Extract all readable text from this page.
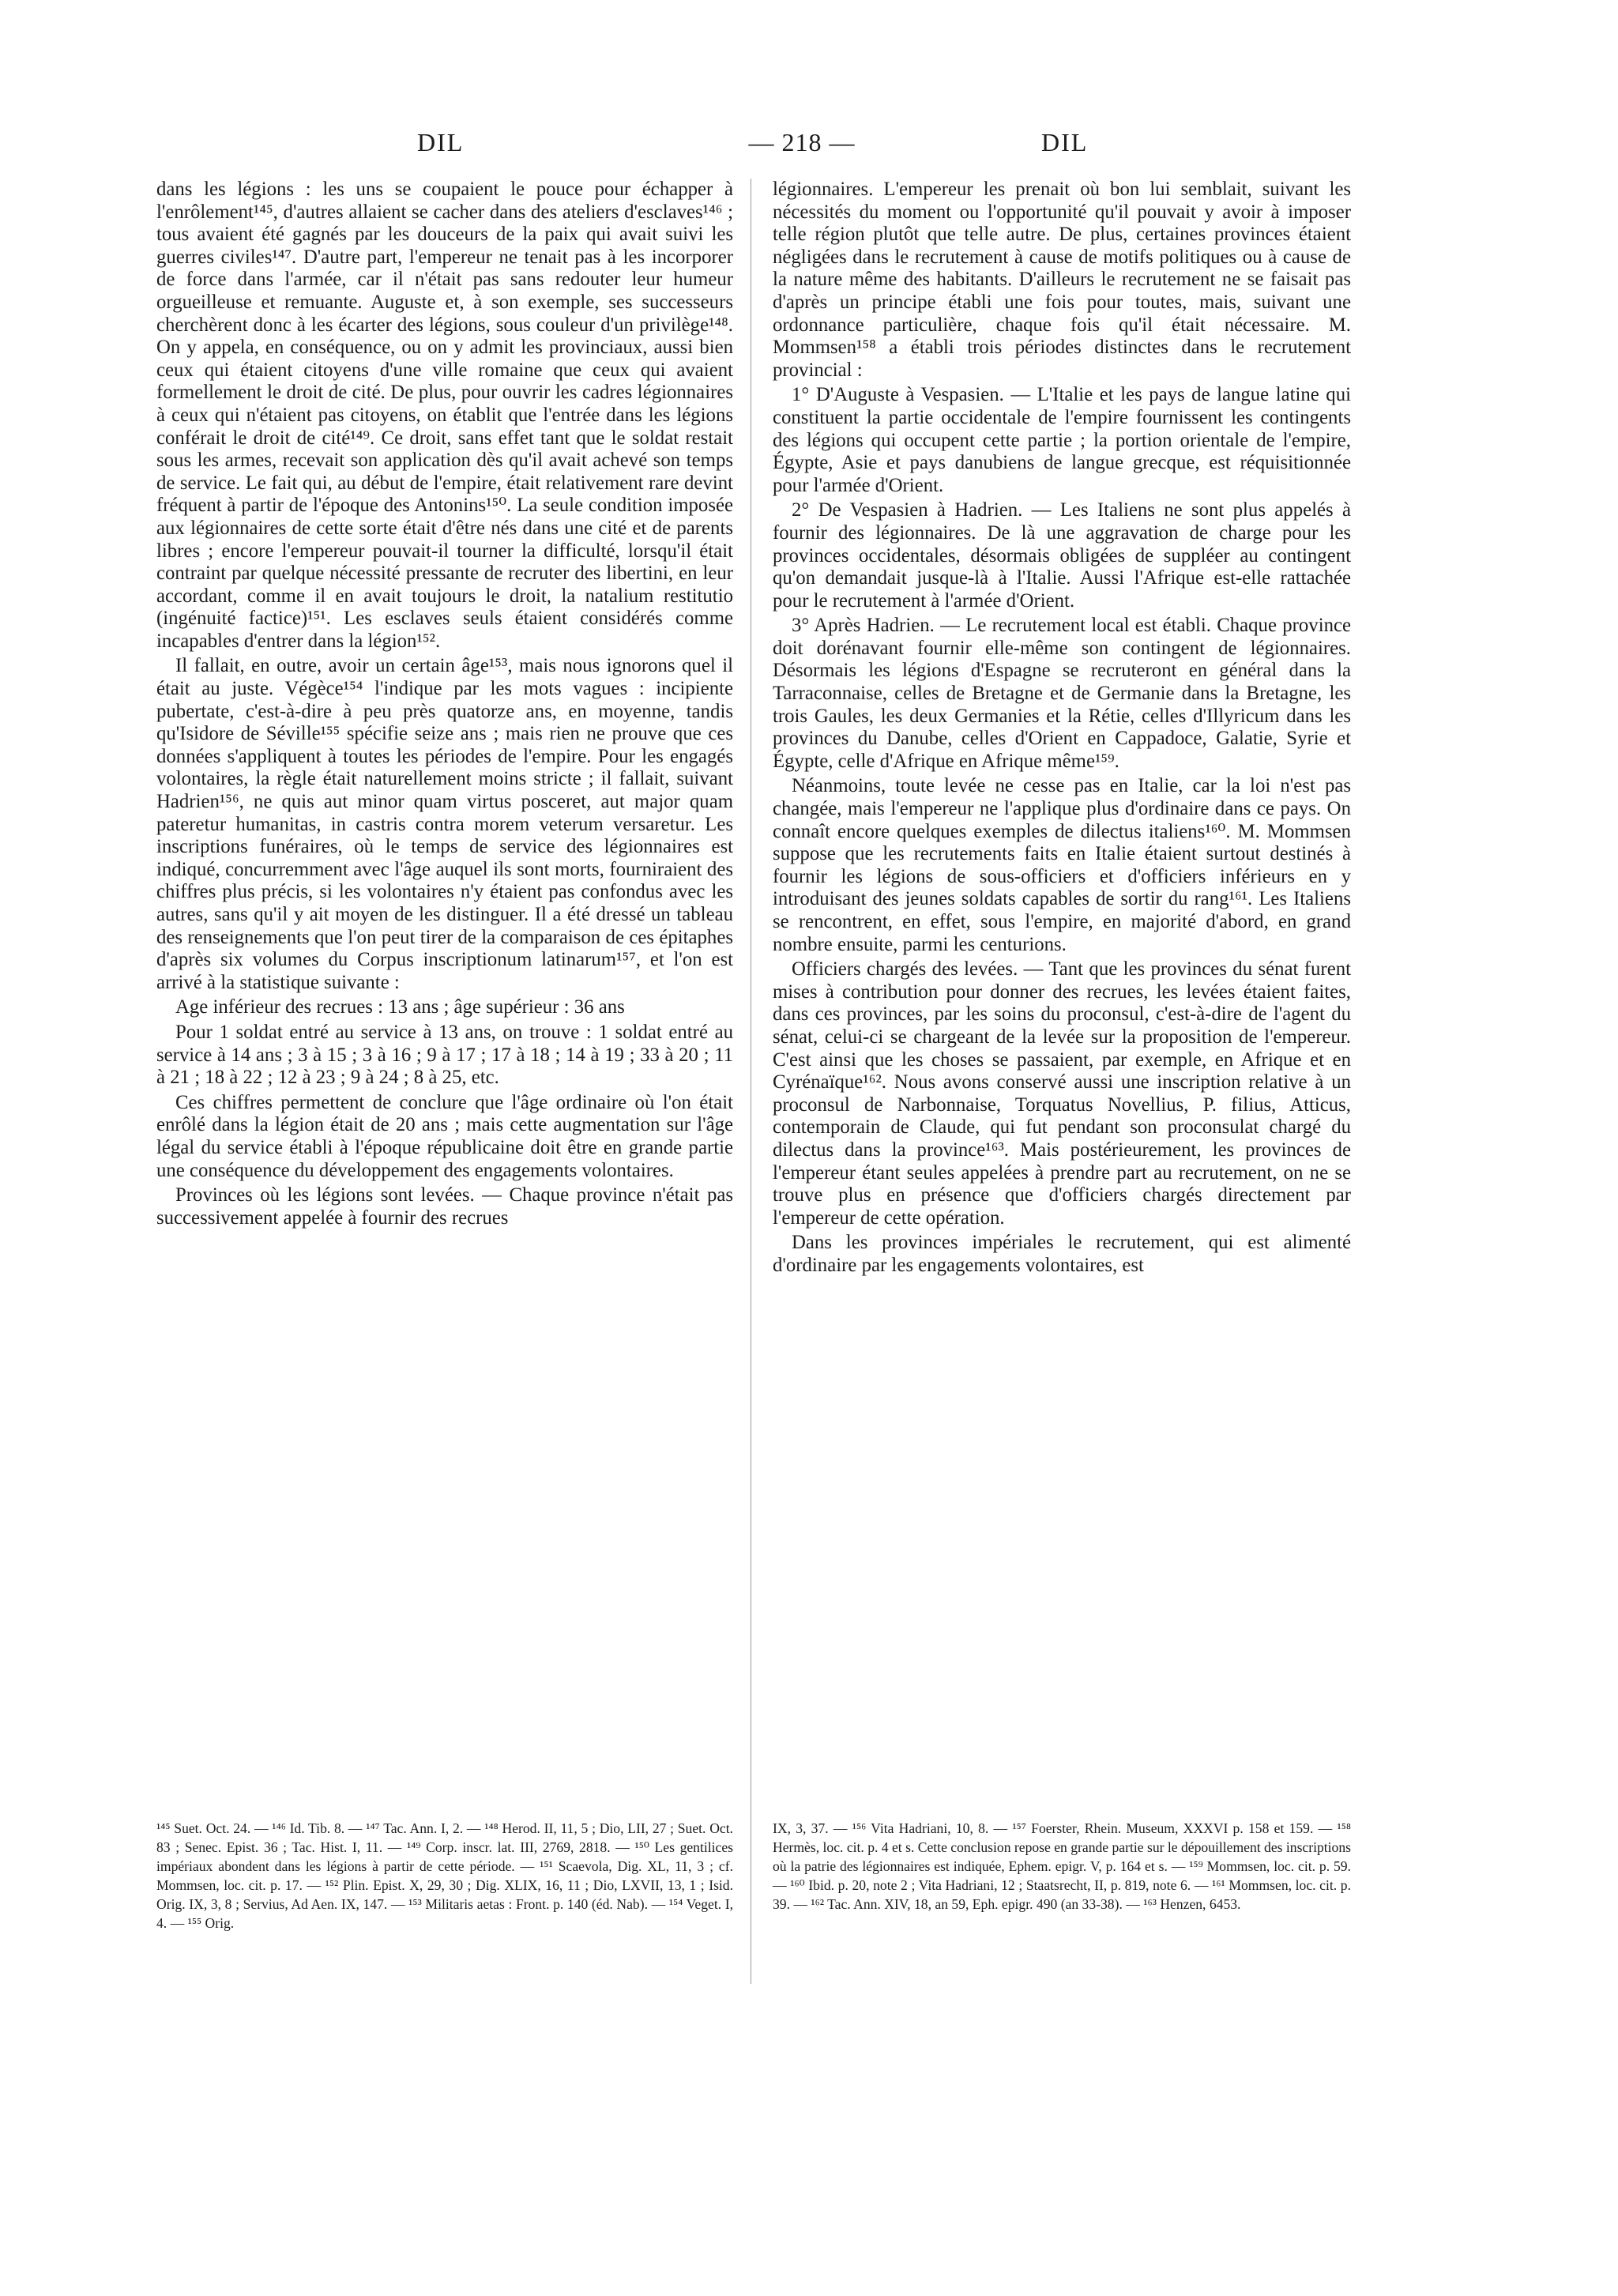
DIL	— 218 —	DIL

dans les légions : les uns se coupaient le pouce pour échapper à l'enrôlement¹⁴⁵, d'autres allaient se cacher dans des ateliers d'esclaves¹⁴⁶ ; tous avaient été gagnés par les douceurs de la paix qui avait suivi les guerres civiles¹⁴⁷. D'autre part, l'empereur ne tenait pas à les incorporer de force dans l'armée, car il n'était pas sans redouter leur humeur orgueilleuse et remuante. Auguste et, à son exemple, ses successeurs cherchèrent donc à les écarter des légions, sous couleur d'un privilège¹⁴⁸. On y appela, en conséquence, ou on y admit les provinciaux, aussi bien ceux qui étaient citoyens d'une ville romaine que ceux qui avaient formellement le droit de cité. De plus, pour ouvrir les cadres légionnaires à ceux qui n'étaient pas citoyens, on établit que l'entrée dans les légions conférait le droit de cité¹⁴⁹. Ce droit, sans effet tant que le soldat restait sous les armes, recevait son application dès qu'il avait achevé son temps de service. Le fait qui, au début de l'empire, était relativement rare devint fréquent à partir de l'époque des Antonins¹⁵⁰. La seule condition imposée aux légionnaires de cette sorte était d'être nés dans une cité et de parents libres ; encore l'empereur pouvait-il tourner la difficulté, lorsqu'il était contraint par quelque nécessité pressante de recruter des libertini, en leur accordant, comme il en avait toujours le droit, la natalium restitutio (ingénuité factice)¹⁵¹. Les esclaves seuls étaient considérés comme incapables d'entrer dans la légion¹⁵².

Il fallait, en outre, avoir un certain âge¹⁵³, mais nous ignorons quel il était au juste. Végèce¹⁵⁴ l'indique par les mots vagues : incipiente pubertate, c'est-à-dire à peu près quatorze ans, en moyenne, tandis qu'Isidore de Séville¹⁵⁵ spécifie seize ans ; mais rien ne prouve que ces données s'appliquent à toutes les périodes de l'empire. Pour les engagés volontaires, la règle était naturellement moins stricte ; il fallait, suivant Hadrien¹⁵⁶, ne quis aut minor quam virtus posceret, aut major quam pateretur humanitas, in castris contra morem veterum versaretur. Les inscriptions funéraires, où le temps de service des légionnaires est indiqué, concurremment avec l'âge auquel ils sont morts, fourniraient des chiffres plus précis, si les volontaires n'y étaient pas confondus avec les autres, sans qu'il y ait moyen de les distinguer. Il a été dressé un tableau des renseignements que l'on peut tirer de la comparaison de ces épitaphes d'après six volumes du Corpus inscriptionum latinarum¹⁵⁷, et l'on est arrivé à la statistique suivante :

Age inférieur des recrues : 13 ans ; âge supérieur : 36 ans

Pour 1 soldat entré au service à 13 ans, on trouve : 1 soldat entré au service à 14 ans ; 3 à 15 ; 3 à 16 ; 9 à 17 ; 17 à 18 ; 14 à 19 ; 33 à 20 ; 11 à 21 ; 18 à 22 ; 12 à 23 ; 9 à 24 ; 8 à 25, etc.

Ces chiffres permettent de conclure que l'âge ordinaire où l'on était enrôlé dans la légion était de 20 ans ; mais cette augmentation sur l'âge légal du service établi à l'époque républicaine doit être en grande partie une conséquence du développement des engagements volontaires.

Provinces où les légions sont levées. — Chaque province n'était pas successivement appelée à fournir des recrues

légionnaires. L'empereur les prenait où bon lui semblait, suivant les nécessités du moment ou l'opportunité qu'il pouvait y avoir à imposer telle région plutôt que telle autre. De plus, certaines provinces étaient négligées dans le recrutement à cause de motifs politiques ou à cause de la nature même des habitants. D'ailleurs le recrutement ne se faisait pas d'après un principe établi une fois pour toutes, mais, suivant une ordonnance particulière, chaque fois qu'il était nécessaire. M. Mommsen¹⁵⁸ a établi trois périodes distinctes dans le recrutement provincial :

1° D'Auguste à Vespasien. — L'Italie et les pays de langue latine qui constituent la partie occidentale de l'empire fournissent les contingents des légions qui occupent cette partie ; la portion orientale de l'empire, Égypte, Asie et pays danubiens de langue grecque, est réquisitionnée pour l'armée d'Orient.

2° De Vespasien à Hadrien. — Les Italiens ne sont plus appelés à fournir des légionnaires. De là une aggravation de charge pour les provinces occidentales, désormais obligées de suppléer au contingent qu'on demandait jusque-là à l'Italie. Aussi l'Afrique est-elle rattachée pour le recrutement à l'armée d'Orient.

3° Après Hadrien. — Le recrutement local est établi. Chaque province doit dorénavant fournir elle-même son contingent de légionnaires. Désormais les légions d'Espagne se recruteront en général dans la Tarraconnaise, celles de Bretagne et de Germanie dans la Bretagne, les trois Gaules, les deux Germanies et la Rétie, celles d'Illyricum dans les provinces du Danube, celles d'Orient en Cappadoce, Galatie, Syrie et Égypte, celle d'Afrique en Afrique même¹⁵⁹.

Néanmoins, toute levée ne cesse pas en Italie, car la loi n'est pas changée, mais l'empereur ne l'applique plus d'ordinaire dans ce pays. On connaît encore quelques exemples de dilectus italiens¹⁶⁰. M. Mommsen suppose que les recrutements faits en Italie étaient surtout destinés à fournir les légions de sous-officiers et d'officiers inférieurs en y introduisant des jeunes soldats capables de sortir du rang¹⁶¹. Les Italiens se rencontrent, en effet, sous l'empire, en majorité d'abord, en grand nombre ensuite, parmi les centurions.

Officiers chargés des levées. — Tant que les provinces du sénat furent mises à contribution pour donner des recrues, les levées étaient faites, dans ces provinces, par les soins du proconsul, c'est-à-dire de l'agent du sénat, celui-ci se chargeant de la levée sur la proposition de l'empereur. C'est ainsi que les choses se passaient, par exemple, en Afrique et en Cyrénaïque¹⁶². Nous avons conservé aussi une inscription relative à un proconsul de Narbonnaise, Torquatus Novellius, P. filius, Atticus, contemporain de Claude, qui fut pendant son proconsulat chargé du dilectus dans la province¹⁶³. Mais postérieurement, les provinces de l'empereur étant seules appelées à prendre part au recrutement, on ne se trouve plus en présence que d'officiers chargés directement par l'empereur de cette opération.

Dans les provinces impériales le recrutement, qui est alimenté d'ordinaire par les engagements volontaires, est

¹⁴⁵ Suet. Oct. 24. — ¹⁴⁶ Id. Tib. 8. — ¹⁴⁷ Tac. Ann. I, 2. — ¹⁴⁸ Herod. II, 11, 5 ; Dio, LII, 27 ; Suet. Oct. 83 ; Senec. Epist. 36 ; Tac. Hist. I, 11. — ¹⁴⁹ Corp. inscr. lat. III, 2769, 2818. — ¹⁵⁰ Les gentilices impériaux abondent dans les légions à partir de cette période. — ¹⁵¹ Scaevola, Dig. XL, 11, 3 ; cf. Mommsen, loc. cit. p. 17. — ¹⁵² Plin. Epist. X, 29, 30 ; Dig. XLIX, 16, 11 ; Dio, LXVII, 13, 1 ; Isid. Orig. IX, 3, 8 ; Servius, Ad Aen. IX, 147. — ¹⁵³ Militaris aetas : Front. p. 140 (éd. Nab). — ¹⁵⁴ Veget. I, 4. — ¹⁵⁵ Orig.
IX, 3, 37. — ¹⁵⁶ Vita Hadriani, 10, 8. — ¹⁵⁷ Foerster, Rhein. Museum, XXXVI p. 158 et 159. — ¹⁵⁸ Hermès, loc. cit. p. 4 et s. Cette conclusion repose en grande partie sur le dépouillement des inscriptions où la patrie des légionnaires est indiquée, Ephem. epigr. V, p. 164 et s. — ¹⁵⁹ Mommsen, loc. cit. p. 59. — ¹⁶⁰ Ibid. p. 20, note 2 ; Vita Hadriani, 12 ; Staatsrecht, II, p. 819, note 6. — ¹⁶¹ Mommsen, loc. cit. p. 39. — ¹⁶² Tac. Ann. XIV, 18, an 59, Eph. epigr. 490 (an 33-38). — ¹⁶³ Henzen, 6453.
